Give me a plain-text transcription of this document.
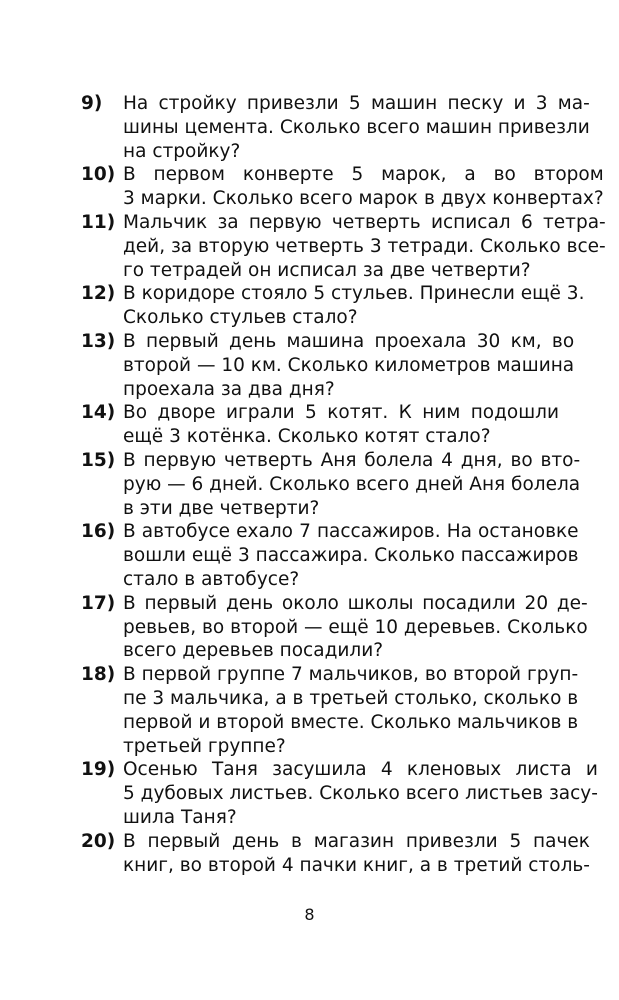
9)	На стройку привезли 5 машин песку и 3 ма-
шины цемента. Сколько всего машин привезли
на стройку?
10) В первом конверте 5 марок, а во втором
3 марки. Сколько всего марок в двух конвертах?
11) Мальчик за первую четверть исписал 6 тетра-
дей, за вторую четверть 3 тетради. Сколько все-
го тетрадей он исписал за две четверти?
12) В коридоре стояло 5 стульев. Принесли ещё 3.
Сколько стульев стало?
13) В первый день машина проехала 30 км, во
второй — 10 км. Сколько километров машина
проехала за два дня?
14) Во дворе играли 5 котят. К ним подошли
ещё 3 котёнка. Сколько котят стало?
15) В первую четверть Аня болела 4 дня, во вто-
рую — 6 дней. Сколько всего дней Аня болела
в эти две четверти?
16) В автобусе ехало 7 пассажиров. На остановке
вошли ещё 3 пассажира. Сколько пассажиров
стало в автобусе?
17) В первый день около школы посадили 20 де-
ревьев, во второй — ещё 10 деревьев. Сколько
всего деревьев посадили?
18) В первой группе 7 мальчиков, во второй груп-
пе 3 мальчика, а в третьей столько, сколько в
первой и второй вместе. Сколько мальчиков в
третьей группе?
19) Осенью Таня засушила 4 кленовых листа и
5 дубовых листьев. Сколько всего листьев засу-
шила Таня?
20) В первый день в магазин привезли 5 пачек
книг, во второй 4 пачки книг, а в третий столь-
8
